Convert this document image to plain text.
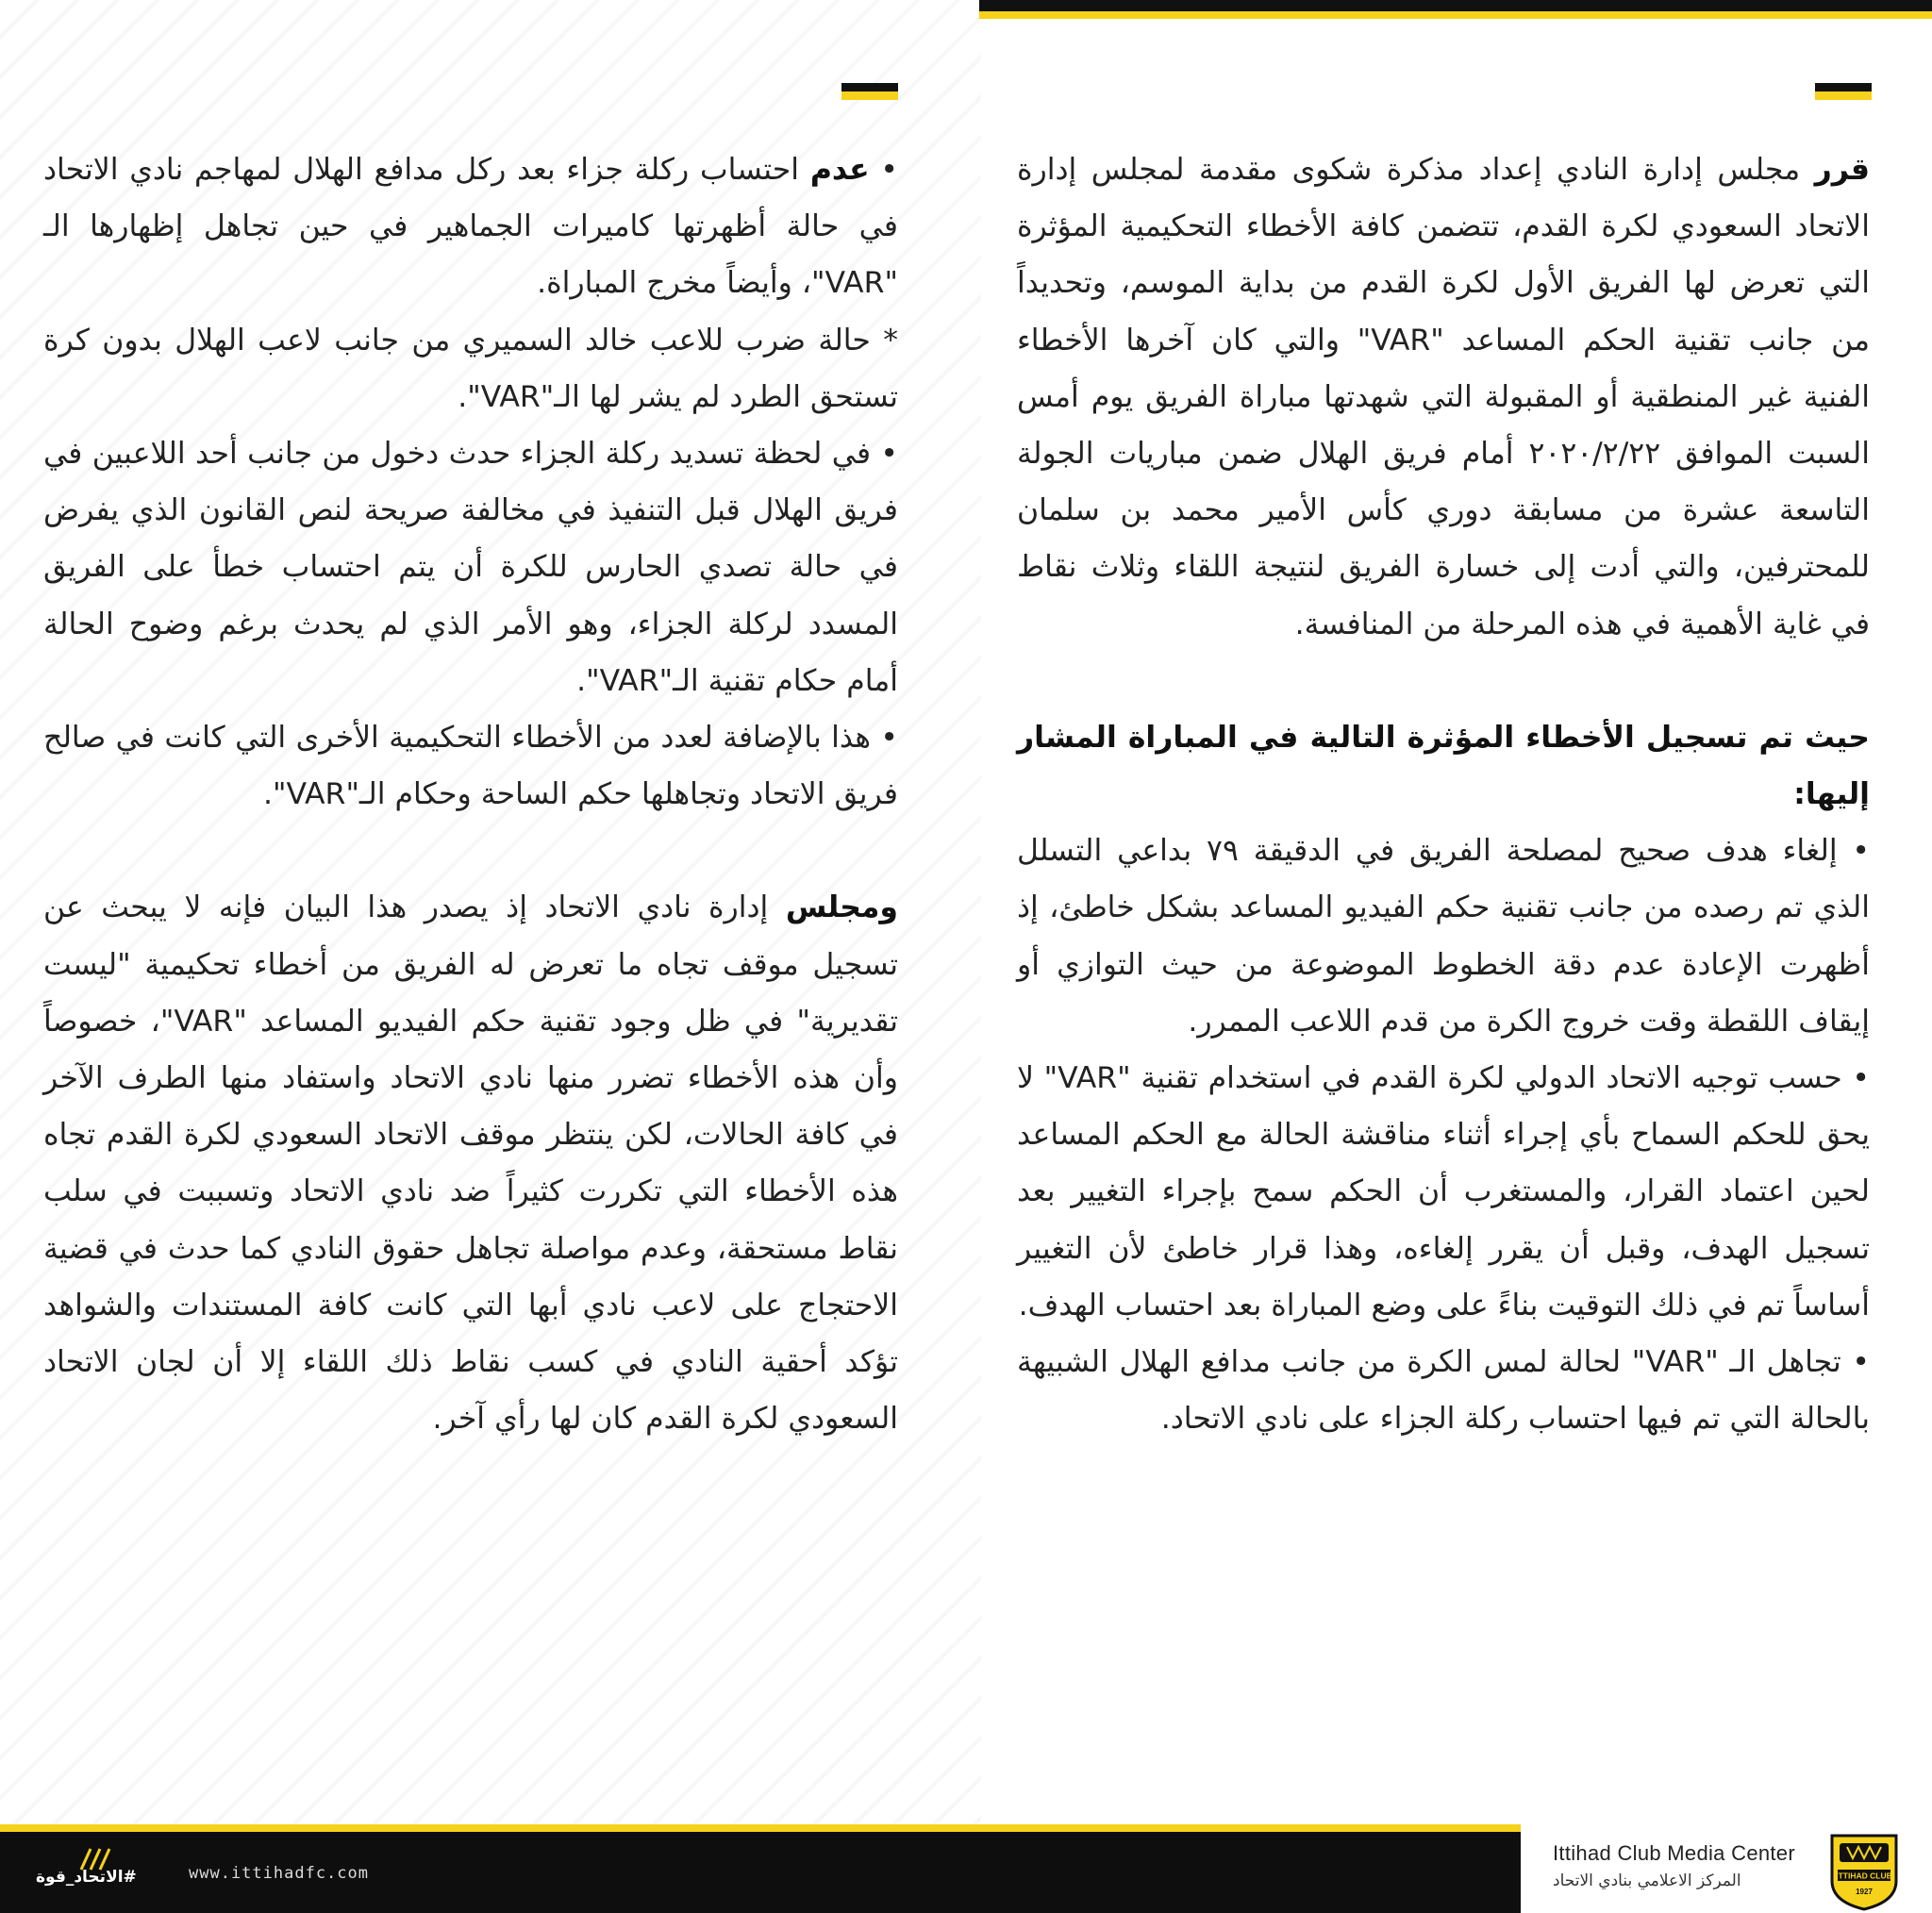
قرر مجلس إدارة النادي إعداد مذكرة شكوى مقدمة لمجلس إدارة الاتحاد السعودي لكرة القدم، تتضمن كافة الأخطاء التحكيمية المؤثرة التي تعرض لها الفريق الأول لكرة القدم من بداية الموسم، وتحديداً من جانب تقنية الحكم المساعد "VAR" والتي كان آخرها الأخطاء الفنية غير المنطقية أو المقبولة التي شهدتها مباراة الفريق يوم أمس السبت الموافق ٢٠٢٠/٢/٢٢ أمام فريق الهلال ضمن مباريات الجولة التاسعة عشرة من مسابقة دوري كأس الأمير محمد بن سلمان للمحترفين، والتي أدت إلى خسارة الفريق لنتيجة اللقاء وثلاث نقاط في غاية الأهمية في هذه المرحلة من المنافسة.

حيث تم تسجيل الأخطاء المؤثرة التالية في المباراة المشار إليها:

• إلغاء هدف صحيح لمصلحة الفريق في الدقيقة ٧٩ بداعي التسلل الذي تم رصده من جانب تقنية حكم الفيديو المساعد بشكل خاطئ، إذ أظهرت الإعادة عدم دقة الخطوط الموضوعة من حيث التوازي أو إيقاف اللقطة وقت خروج الكرة من قدم اللاعب الممرر.

• حسب توجيه الاتحاد الدولي لكرة القدم في استخدام تقنية "VAR" لا يحق للحكم السماح بأي إجراء أثناء مناقشة الحالة مع الحكم المساعد لحين اعتماد القرار، والمستغرب أن الحكم سمح بإجراء التغيير بعد تسجيل الهدف، وقبل أن يقرر إلغاءه، وهذا قرار خاطئ لأن التغيير أساساً تم في ذلك التوقيت بناءً على وضع المباراة بعد احتساب الهدف.

• تجاهل الـ "VAR" لحالة لمس الكرة من جانب مدافع الهلال الشبيهة بالحالة التي تم فيها احتساب ركلة الجزاء على نادي الاتحاد.

• عدم احتساب ركلة جزاء بعد ركل مدافع الهلال لمهاجم نادي الاتحاد في حالة أظهرتها كاميرات الجماهير في حين تجاهل إظهارها الـ "VAR"، وأيضاً مخرج المباراة.

* حالة ضرب للاعب خالد السميري من جانب لاعب الهلال بدون كرة تستحق الطرد لم يشر لها الـ"VAR".

• في لحظة تسديد ركلة الجزاء حدث دخول من جانب أحد اللاعبين في فريق الهلال قبل التنفيذ في مخالفة صريحة لنص القانون الذي يفرض في حالة تصدي الحارس للكرة أن يتم احتساب خطأ على الفريق المسدد لركلة الجزاء، وهو الأمر الذي لم يحدث برغم وضوح الحالة أمام حكام تقنية الـ"VAR".

• هذا بالإضافة لعدد من الأخطاء التحكيمية الأخرى التي كانت في صالح فريق الاتحاد وتجاهلها حكم الساحة وحكام الـ"VAR".

ومجلس إدارة نادي الاتحاد إذ يصدر هذا البيان فإنه لا يبحث عن تسجيل موقف تجاه ما تعرض له الفريق من أخطاء تحكيمية "ليست تقديرية" في ظل وجود تقنية حكم الفيديو المساعد "VAR"، خصوصاً وأن هذه الأخطاء تضرر منها نادي الاتحاد واستفاد منها الطرف الآخر في كافة الحالات، لكن ينتظر موقف الاتحاد السعودي لكرة القدم تجاه هذه الأخطاء التي تكررت كثيراً ضد نادي الاتحاد وتسببت في سلب نقاط مستحقة، وعدم مواصلة تجاهل حقوق النادي كما حدث في قضية الاحتجاج على لاعب نادي أبها التي كانت كافة المستندات والشواهد تؤكد أحقية النادي في كسب نقاط ذلك اللقاء إلا أن لجان الاتحاد السعودي لكرة القدم كان لها رأي آخر.

#الاتحاد_قوة	www.ittihadfc.com
Ittihad Club Media Center
المركز الاعلامي بنادي الاتحاد	ITTIHAD CLUB
1927
